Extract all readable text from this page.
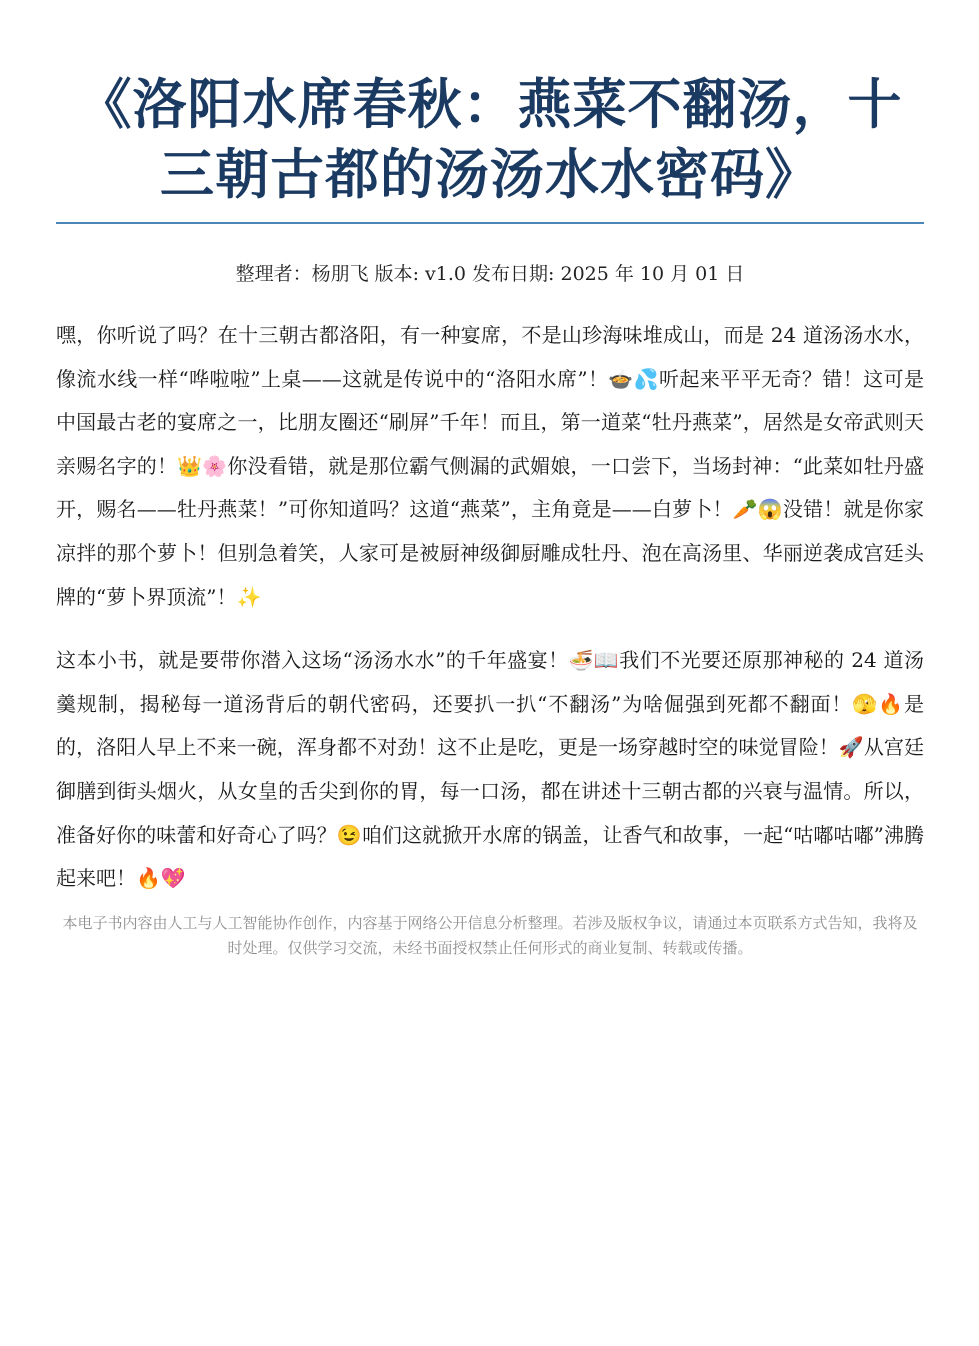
《洛阳水席春秋：燕菜不翻汤，十三朝古都的汤汤水水密码》
整理者：杨朋飞 版本: v1.0 发布日期: 2025 年 10 月 01 日

嘿，你听说了吗？在十三朝古都洛阳，有一种宴席，不是山珍海味堆成山，而是 24 道汤汤水水，像流水线一样“哗啦啦”上桌——这就是传说中的“洛阳水席”！🍲💦听起来平平无奇？错！这可是中国最古老的宴席之一，比朋友圈还“刷屏”千年！而且，第一道菜“牡丹燕菜”，居然是女帝武则天亲赐名字的！👑🌸你没看错，就是那位霸气侧漏的武媚娘，一口尝下，当场封神：“此菜如牡丹盛开，赐名——牡丹燕菜！”可你知道吗？这道“燕菜”，主角竟是——白萝卜！🥕😱没错！就是你家凉拌的那个萝卜！但别急着笑，人家可是被厨神级御厨雕成牡丹、泡在高汤里、华丽逆袭成宫廷头牌的“萝卜界顶流”！✨

这本小书，就是要带你潜入这场“汤汤水水”的千年盛宴！🍜📖我们不光要还原那神秘的 24 道汤羹规制，揭秘每一道汤背后的朝代密码，还要扒一扒“不翻汤”为啥倔强到死都不翻面！🫣🔥是的，洛阳人早上不来一碗，浑身都不对劲！这不止是吃，更是一场穿越时空的味觉冒险！🚀从宫廷御膳到街头烟火，从女皇的舌尖到你的胃，每一口汤，都在讲述十三朝古都的兴衰与温情。所以，准备好你的味蕾和好奇心了吗？😉咱们这就掀开水席的锅盖，让香气和故事，一起“咕嘟咕嘟”沸腾起来吧！🔥💖

本电子书内容由人工与人工智能协作创作，内容基于网络公开信息分析整理。若涉及版权争议，请通过本页联系方式告知，我将及时处理。仅供学习交流，未经书面授权禁止任何形式的商业复制、转载或传播。
